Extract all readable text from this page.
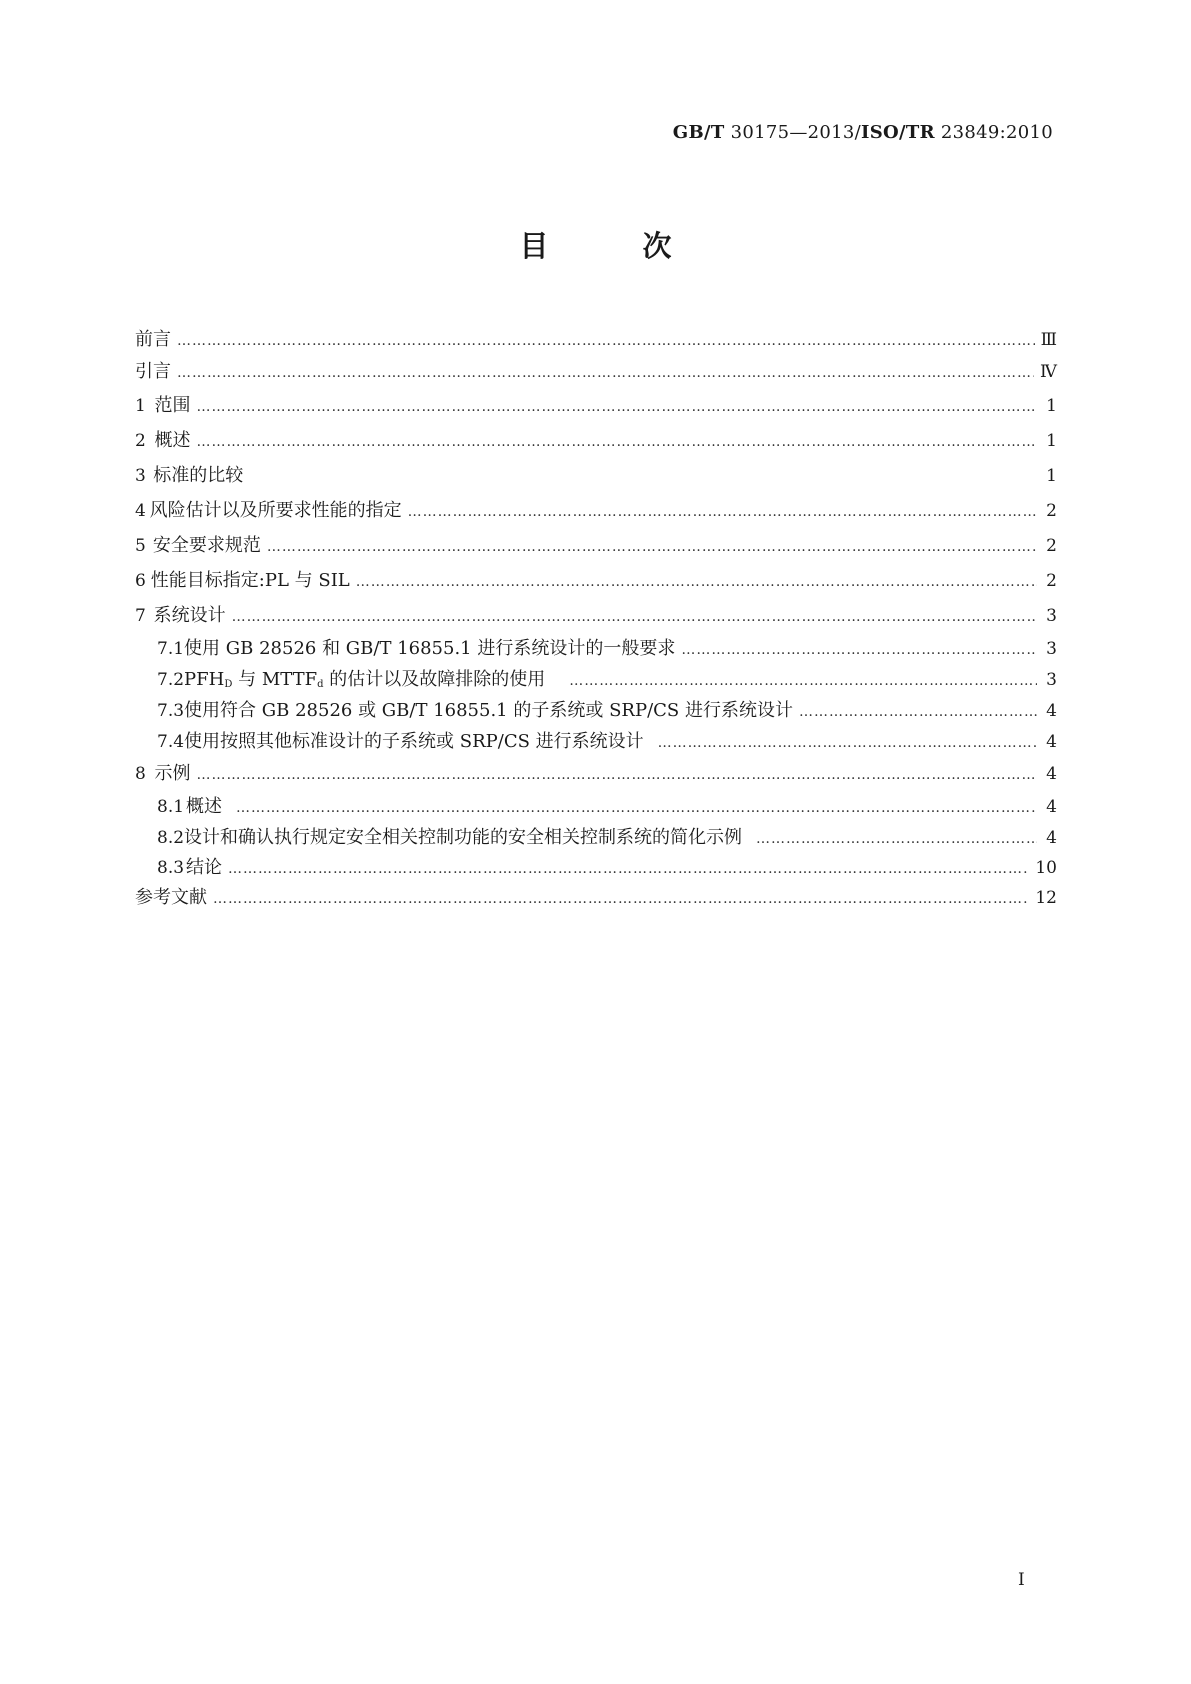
GB/T 30175—2013/ISO/TR 23849:2010
目 次
前言 ……………………………………………………………………………………………………………………………………………………………………………………………………………………………………………………	Ⅲ
引言 ……………………………………………………………………………………………………………………………………………………………………………………………………………………………………………………	Ⅳ
1 范围 ……………………………………………………………………………………………………………………………………………………………………………………………………………………………………………………	1
2 概述 ……………………………………………………………………………………………………………………………………………………………………………………………………………………………………………………	1
3 标准的比较	1
4 风险估计以及所要求性能的指定 ……………………………………………………………………………………………………………………………………………………………………………………………………………………………………………………	2
5 安全要求规范 ……………………………………………………………………………………………………………………………………………………………………………………………………………………………………………………	2
6 性能目标指定:PL 与 SIL ……………………………………………………………………………………………………………………………………………………………………………………………………………………………………………………	2
7 系统设计 ……………………………………………………………………………………………………………………………………………………………………………………………………………………………………………………	3
7.1 使用 GB 28526 和 GB/T 16855.1 进行系统设计的一般要求 ……………………………………………………………………………………………………………………………………………………………………………………………………………………………………………………	3
7.2 $PFH_D$ 与 $MTTF_d$ 的估计以及故障排除的使用 ……………………………………………………………………………………………………………………………………………………………………………………………………………………………………………………	3
7.3 使用符合 GB 28526 或 GB/T 16855.1 的子系统或 SRP/CS 进行系统设计 ……………………………………………………………………………………………………………………………………………………………………………………………………………………………………………………	4
7.4 使用按照其他标准设计的子系统或 SRP/CS 进行系统设计 ……………………………………………………………………………………………………………………………………………………………………………………………………………………………………………………	4
8 示例 ……………………………………………………………………………………………………………………………………………………………………………………………………………………………………………………	4
8.1 概述 ……………………………………………………………………………………………………………………………………………………………………………………………………………………………………………………	4
8.2 设计和确认执行规定安全相关控制功能的安全相关控制系统的简化示例 ……………………………………………………………………………………………………………………………………………………………………………………………………………………………………………………	4
8.3 结论 ……………………………………………………………………………………………………………………………………………………………………………………………………………………………………………………	10
参考文献 ……………………………………………………………………………………………………………………………………………………………………………………………………………………………………………………	12
Ⅰ
